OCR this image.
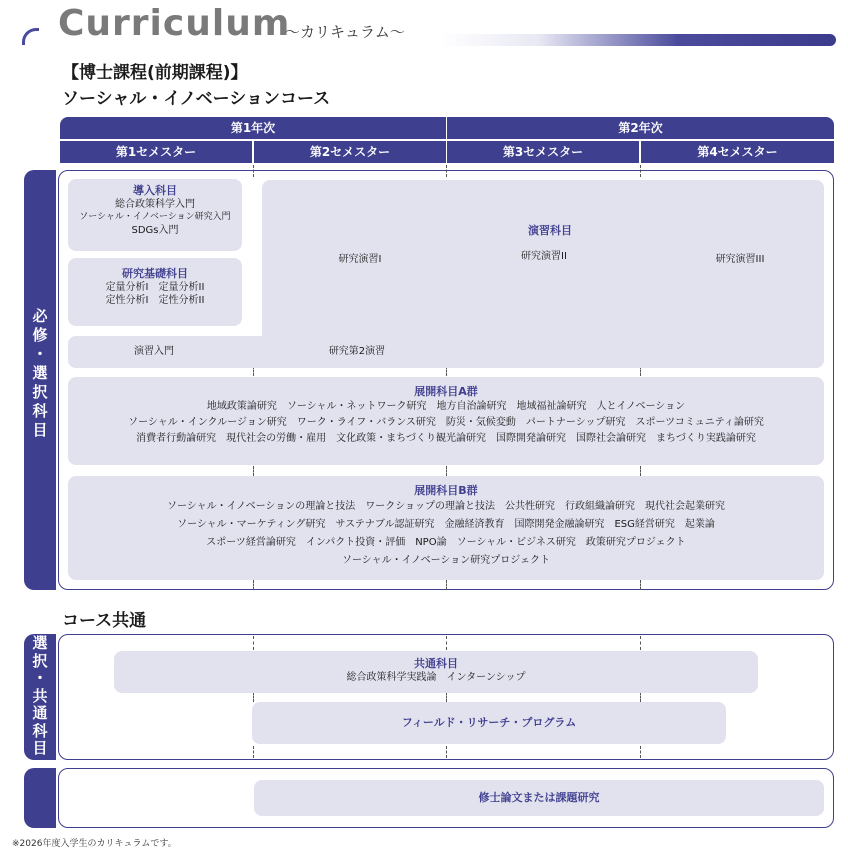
Curriculum
〜カリキュラム〜
【博士課程(前期課程)】
ソーシャル・イノベーションコース
第1年次	第2年次
第1セメスター	第2セメスター	第3セメスター	第4セメスター
必
修
・
選
択
科
目
演習科目
研究演習I	研究演習II	研究演習III
演習入門	研究第2演習
導入科目
総合政策科学入門
ソーシャル・イノベーション研究入門
SDGs入門
研究基礎科目
定量分析I　定量分析II
定性分析I　定性分析II
展開科目A群
地域政策論研究　ソーシャル・ネットワーク研究　地方自治論研究　地域福祉論研究　人とイノベーション
ソーシャル・インクルージョン研究　ワーク・ライフ・バランス研究　防災・気候変動　パートナーシップ研究　スポーツコミュニティ論研究
消費者行動論研究　現代社会の労働・雇用　文化政策・まちづくり観光論研究　国際開発論研究　国際社会論研究　まちづくり実践論研究
展開科目B群
ソーシャル・イノベーションの理論と技法　ワークショップの理論と技法　公共性研究　行政組織論研究　現代社会起業研究
ソーシャル・マーケティング研究　サステナブル認証研究　金融経済教育　国際開発金融論研究　ESG経営研究　起業論
スポーツ経営論研究　インパクト投資・評価　NPO論　ソーシャル・ビジネス研究　政策研究プロジェクト
ソーシャル・イノベーション研究プロジェクト
コース共通
選
択
・
共
通
科
目
共通科目
総合政策科学実践論　インターンシップ
フィールド・リサーチ・プログラム
修士論文または課題研究
※2026年度入学生のカリキュラムです。
